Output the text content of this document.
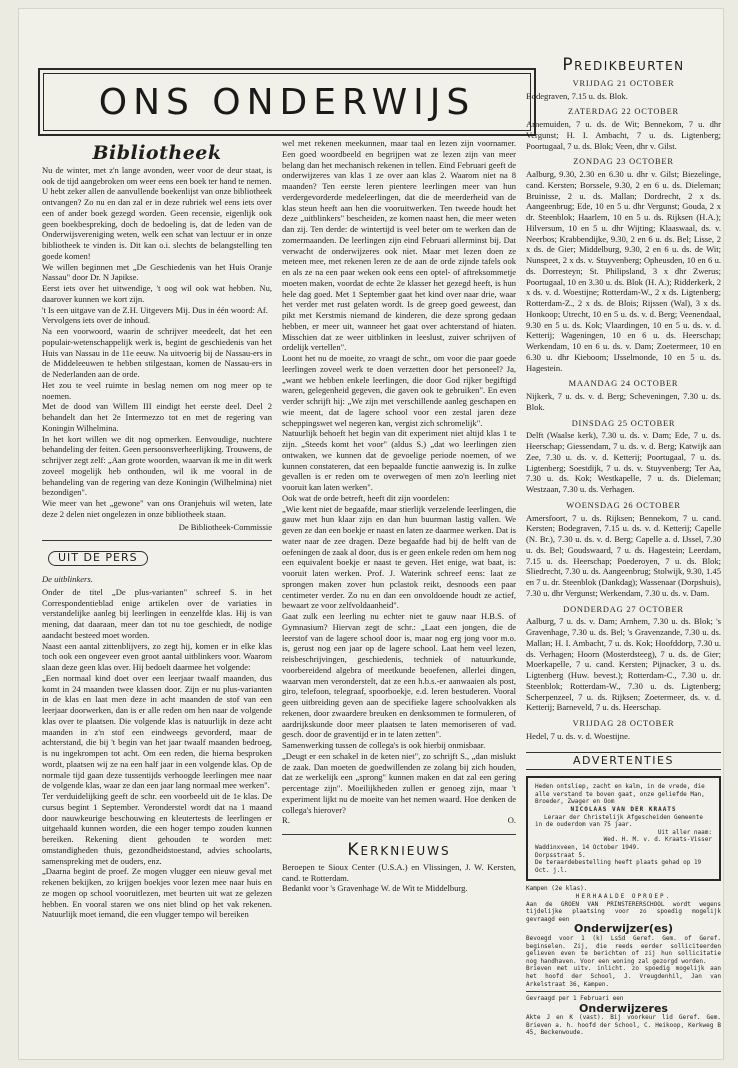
ONS ONDERWIJS
Bibliotheek

Nu de winter, met z'n lange avonden, weer voor de deur staat, is ook de tijd aangebroken om weer eens een boek ter hand te nemen.

U hebt zeker allen de aanvullende boekenlijst van onze bibliotheek ontvangen? Zo nu en dan zal er in deze rubriek wel eens iets over een of ander boek gezegd worden. Geen recensie, eigenlijk ook geen boekbespreking, doch de bedoeling is, dat de leden van de Onderwijsvereniging weten, welk een schat van lectuur er in onze bibliotheek te vinden is. Dit kan o.i. slechts de belangstelling ten goede komen!

We willen beginnen met „De Geschiedenis van het Huis Oranje Nassau" door Dr. N Japikse.

Eerst iets over het uitwendige, 't oog wil ook wat hebben. Nu, daarover kunnen we kort zijn.

't Is een uitgave van de Z.H. Uitgevers Mij. Dus in één woord: Af.

Vervolgens iets over de inhoud.

Na een voorwoord, waarin de schrijver meedeelt, dat het een populair-wetenschappelijk werk is, begint de geschiedenis van het Huis van Nassau in de 11e eeuw. Na uitvoerig bij de Nassau-ers in de Middeleeuwen te hebben stilgestaan, komen de Nassau-ers in de Nederlanden aan de orde.

Het zou te veel ruimte in beslag nemen om nog meer op te noemen.

Met de dood van Willem III eindigt het eerste deel. Deel 2 behandelt dan het 2e Intermezzo tot en met de regering van Koningin Wilhelmina.

In het kort willen we dit nog opmerken. Eenvoudige, nuchtere behandeling der feiten. Geen persoonsverheerlijking. Trouwens, de schrijver zegt zelf: „Aan grote woorden, waarvan ik me in dit werk zoveel mogelijk heb onthouden, wil ik me vooral in de behandeling van de regering van deze Koningin (Wilhelmina) niet bezondigen".

Wie meer van het „gewone" van ons Oranjehuis wil weten, late deze 2 delen niet ongelezen in onze bibliotheek staan.

De Bibliotheek-Commissie

UIT DE PERS

De uitblinkers.

Onder de titel „De plus-varianten" schreef S. in het Correspondentieblad enige artikelen over de variaties in verstandelijke aanleg bij leerlingen in eenzelfde klas. Hij is van mening, dat daaraan, meer dan tot nu toe geschiedt, de nodige aandacht besteed moet worden.

Naast een aantal zittenblijvers, zo zegt hij, komen er in elke klas toch ook een ongeveer even groot aantal uitblinkers voor. Waarom slaan deze geen klas over. Hij bedoelt daarmee het volgende:

„Een normaal kind doet over een leerjaar twaalf maanden, dus komt in 24 maanden twee klassen door. Zijn er nu plus-varianten in de klas en laat men deze in acht maanden de stof van een leerjaar doorwerken, dan is er alle reden om hen naar de volgende klas over te plaatsen. Die volgende klas is natuurlijk in deze acht maanden in z'n stof een eindweegs gevorderd, maar de achterstand, die bij 't begin van het jaar twaalf maanden bedroeg, is nu ingekrompen tot acht. Om een reden, die hierna besproken wordt, plaatsen wij ze na een half jaar in een volgende klas. Op de normale tijd gaan deze tussentijds verhoogde leerlingen mee naar de volgende klas, waar ze dan een jaar lang normaal mee werken".

Ter verduidelijking geeft de schr. een voorbeeld uit de 1e klas. De cursus begint 1 September. Veronderstel wordt dat na 1 maand door nauwkeurige beschouwing en kleutertests de leerlingen er uitgehaald kunnen worden, die een hoger tempo zouden kunnen bereiken. Rekening dient gehouden te worden met: omstandigheden thuis, gezondheidstoestand, advies schoolarts, samenspreking met de ouders, enz.

„Daarna begint de proef. Ze mogen vlugger een nieuw geval met rekenen bekijken, zo krijgen boekjes voor lezen mee naar huis en ze mogen op school vooruitlezen, met beurten uit wat ze gelezen hebben. En vooral staren we ons niet blind op het vak rekenen. Natuurlijk moet iemand, die een vlugger tempo wil bereiken

wel met rekenen meekunnen, maar taal en lezen zijn voornamer. Een goed woordbeeld en begrijpen wat ze lezen zijn van meer belang dan het mechanisch rekenen in tellen. Eind Februari geeft de onderwijzeres van klas 1 ze over aan klas 2. Waarom niet na 8 maanden? Ten eerste leren pientere leerlingen meer van hun verdergevorderde medeleerlingen, dat die de meerderheid van de klas steun heeft aan hen die vooruitwerken. Ten tweede houdt het deze „uitblinkers" bescheiden, ze komen naast hen, die meer weten dan zij. Ten derde: de wintertijd is veel beter om te werken dan de zomermaanden. De leerlingen zijn eind Februari allerminst bij. Dat verwacht de onderwijzeres ook niet. Maar met lezen doen ze meteen mee, met rekenen leren ze de aan de orde zijnde tafels ook en als ze na een paar weken ook eens een optel- of aftreksommetje moeten maken, voordat de echte 2e klasser het gezegd heeft, is hun hele dag goed. Met 1 September gaat het kind over naar drie, waar het verder met rust gelaten wordt. Is de greep goed geweest, dan pikt met Kerstmis niemand de kinderen, die deze sprong gedaan hebben, er meer uit, wanneer het gaat over achterstand of hiaten. Misschien dat ze weer uitblinken in leeslust, zuiver schrijven of ordelijk vertellen".

Loont het nu de moeite, zo vraagt de schr., om voor die paar goede leerlingen zoveel werk te doen verzetten door het personeel? Ja, „want we hebben enkele leerlingen, die door God rijker begiftigd waren, gelegenheid gegeven, die gaven ook te gebruiken". En even verder schrijft hij: „We zijn met verschillende aanleg geschapen en wie meent, dat de lagere school voor een zestal jaren deze scheppingswet wel negeren kan, vergist zich schromelijk".

Natuurlijk behoeft het begin van dit experiment niet altijd klas 1 te zijn. „Steeds komt het voor" (aldus S.) „dat wo leerlingen zien ontwaken, we kunnen dat de gevoelige periode noemen, of we kunnen constateren, dat een bepaalde functie aanwezig is. In zulke gevallen is er reden om te overwegen of men zo'n leerling niet vooruit kan laten werken".

Ook wat de orde betreft, heeft dit zijn voordelen:

„Wie kent niet de begaafde, maar stierlijk verzelende leerlingen, die gauw met hun klaar zijn en dan hun buurman lastig vallen. We geven ze dan een boekje er naast en laten ze daarmee werken. Dat is water naar de zee dragen. Deze begaafde had bij de helft van de oefeningen de zaak al door, dus is er geen enkele reden om hem nog een equivalent boekje er naast te geven. Het enige, wat baat, is: vooruit laten werken. Prof. J. Waterink schreef eens: laat ze sprongen maken zover hun pclastok reikt, desnoods een paar centimeter verder. Zo nu en dan een onvoldoende houdt ze actief, bewaart ze voor zelfvoldaanheid".

Gaat zulk een leerling nu echter niet te gauw naar H.B.S. of Gymnasium? Hiervan zegt de schr.: „Laat een jongen, die de leerstof van de lagere school door is, maar nog erg jong voor m.o. is, gerust nog een jaar op de lagere school. Laat hem veel lezen, reisbeschrijvingen, geschiedenis, techniek of natuurkunde, voorbereidend algebra of meetkunde beoefenen, allerlei dingen, waarvan men veronderstelt, dat ze een h.b.s.-er aanwaaien als post, giro, telefoon, telegraaf, spoorboekje, e.d. leren bestuderen. Vooral geen uitbreiding geven aan de specifieke lagere schoolvakken als rekenen, door zwaardere breuken en denksommen te formuleren, of aardrijkskunde door meer plaatsen te laten memoriseren of vad. gesch. door de graventijd er in te laten zetten".

Samenwerking tussen de collega's is ook hierbij onmisbaar.

„Deugt er een schakel in de keten niet", zo schrijft S., „dan mislukt de zaak. Dan moeten de goedwillenden ze zolang bij zich houden, dat ze werkelijk een „sprong" kunnen maken en dat zal een gering percentage zijn". Moeilijkheden zullen er genoeg zijn, maar 't experiment lijkt nu de moeite van het nemen waard. Hoe denken de collega's hierover?

R.	O.
Kerknieuws

Beroepen te Sioux Center (U.S.A.) en Vlissingen, J. W. Kersten, cand. te Rotterdam.

Bedankt voor 's Gravenhage W. de Wit te Middelburg.

Predikbeurten

VRIJDAG 21 OCTOBER

Bodegraven, 7.15 u. ds. Blok.

ZATERDAG 22 OCTOBER

Arnemuiden, 7 u. ds. de Wit; Bennekom, 7 u. dhr Vergunst; H. I. Ambacht, 7 u. ds. Ligtenberg; Poortugaal, 7 u. ds. Blok; Veen, dhr v. Gilst.

ZONDAG 23 OCTOBER

Aalburg, 9.30, 2.30 en 6.30 u. dhr v. Gilst; Biezelinge, cand. Kersten; Borssele, 9.30, 2 en 6 u. ds. Dieleman; Bruinisse, 2 u. ds. Mallan; Dordrecht, 2 x ds. Aangeenbrug; Ede, 10 en 5 u. dhr Vergunst; Gouda, 2 x dr. Steenblok; Haarlem, 10 en 5 u. ds. Rijksen (H.A.); Hilversum, 10 en 5 u. dhr Wijting; Klaaswaal, ds. v. Neerbos; Krabbendijke, 9.30, 2 en 6 u. ds. Bel; Lisse, 2 x ds. de Gier; Middelburg, 9.30, 2 en 6 u. ds. de Wit; Nunspeet, 2 x ds. v. Stuyvenberg; Opheusden, 10 en 6 u. ds. Dorresteyn; St. Philipsland, 3 x dhr Zwerus; Poortugaal, 10 en 3.30 u. ds. Blok (H. A.); Ridderkerk, 2 x ds. v. d. Woestijne; Rotterdam-W., 2 x ds. Ligtenberg; Rotterdam-Z., 2 x ds. de Blois; Rijssen (Wal), 3 x ds. Honkoop; Utrecht, 10 en 5 u. ds. v. d. Berg; Veenendaal, 9.30 en 5 u. ds. Kok; Vlaardingen, 10 en 5 u. ds. v. d. Ketterij; Wageningen, 10 en 6 u. ds. Heerschap; Werkendam, 10 en 6 u. ds. v. Dam; Zoetermeer, 10 en 6.30 u. dhr Kieboom; IJsselmonde, 10 en 5 u. ds. Hagestein.

MAANDAG 24 OCTOBER

Nijkerk, 7 u. ds. v. d. Berg; Scheveningen, 7.30 u. ds. Blok.

DINSDAG 25 OCTOBER

Delft (Waalse kerk), 7.30 u. ds. v. Dam; Ede, 7 u. ds. Heerschap; Giessendam, 7 u. ds. v. d. Berg; Katwijk aan Zee, 7.30 u. ds. v. d. Ketterij; Poortugaal, 7 u. ds. Ligtenberg; Soestdijk, 7 u. ds. v. Stuyvenberg; Ter Aa, 7.30 u. ds. Kok; Westkapelle, 7 u. ds. Dieleman; Westzaan, 7.30 u. ds. Verhagen.

WOENSDAG 26 OCTOBER

Amersfoort, 7 u. ds. Rijksen; Bennekom, 7 u. cand. Kersten; Bodegraven, 7.15 u. ds. v. d. Ketterij; Capelle (N. Br.), 7.30 u. ds. v. d. Berg; Capelle a. d. IJssel, 7.30 u. ds. Bel; Goudswaard, 7 u. ds. Hagestein; Leerdam, 7.15 u. ds. Heerschap; Poederoyen, 7 u. ds. Blok; Sliedrecht, 7.30 u. ds. Aangeenbrug; Stolwijk, 9.30, 1.45 en 7 u. dr. Steenblok (Dankdag); Wassenaar (Dorpshuis), 7.30 u. dhr Vergunst; Werkendam, 7.30 u. ds. v. Dam.

DONDERDAG 27 OCTOBER

Aalburg, 7 u. ds. v. Dam; Arnhem, 7.30 u. ds. Blok; 's Gravenhage, 7.30 u. ds. Bel; 's Gravenzande, 7.30 u. ds. Mallan; H. I. Ambacht, 7 u. ds. Kok; Hoofddorp, 7.30 u. ds. Verhagen; Hoorn (Mosterdsteeg), 7 u. ds. de Gier; Moerkapelle, 7 u. cand. Kersten; Pijnacker, 3 u. ds. Ligtenberg (Huw. bevest.); Rotterdam-C., 7.30 u. dr. Steenblok; Rotterdam-W., 7.30 u. ds. Ligtenberg; Scherpenzeel, 7 u. ds. Rijksen; Zoetermeer, ds. v. d. Ketterij; Barneveld, 7 u. ds. Heerschap.

VRIJDAG 28 OCTOBER

Hedel, 7 u. ds. v. d. Woestijne.

ADVERTENTIES
Heden ontsliep, zacht en kalm, in de vrede, die alle verstand te boven gaat, onze geliefde Man, Broeder, Zwager en Oom
NICOLAAS VAN DER KRAATS
Leraar der Christelijk Afgescheiden Gemeente
in de ouderdom van 75 jaar.
Uit aller naam:
Wed. H. M. v. d. Kraats-Visser
Waddinxveen, 14 October 1949.
Dorpsstraat 5.
De teraardebestelling heeft plaats gehad op 19 Oct. j.l.
Kampen (2e klas).
HERHAALDE OPROEP.
Aan de GROEN VAN PRINSTERERSCHOOL wordt wegens tijdelijke plaatsing voor zo spoedig mogelijk gevraagd een
Onderwijzer(es)
Bevoegd voor 1 (k) LsSd Geref. Gem. of Geref. beginselen. Zij, die reeds eerder solliciteerden gelieven even te berichten of zij hun sollicitatie nog handhaven. Voor een woning zal gezorgd worden.
Brieven met uitv. inlicht. zo spoedig mogelijk aan het hoofd der School, J. Vreugdenhil, Jan van Arkelstraat 36, Kampen.
Gevraagd per 1 Februari een
Onderwijzeres
Akte J en K (vast). Bij voorkeur lid Geref. Gem. Brieven a. h. hoofd der School, C. Heikoop, Kerkweg B 45, Beckenwoude.
